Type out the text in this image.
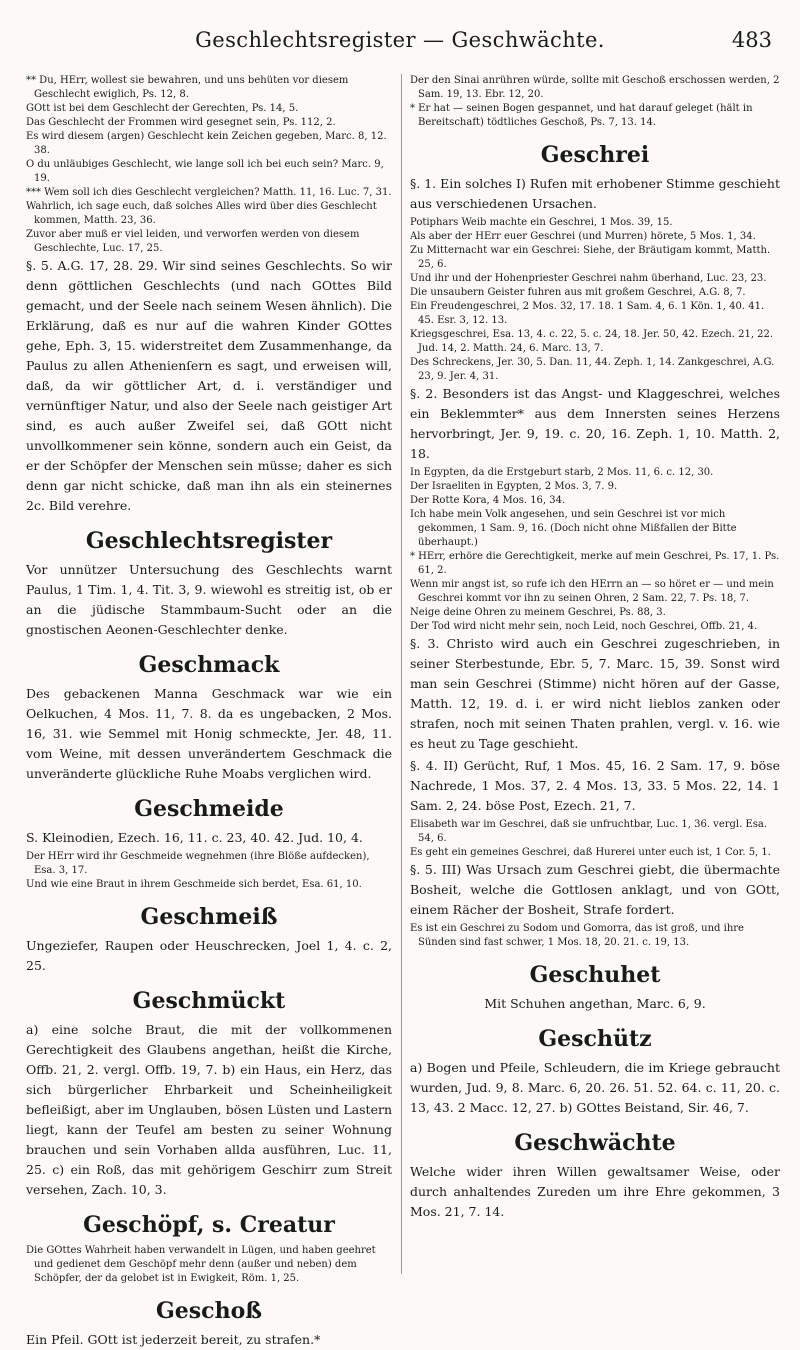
Geschlechtsregister — Geschwächte.	483

** Du, HErr, wollest sie bewahren, und uns behüten vor diesem Geschlecht ewiglich, Ps. 12, 8.

GOtt ist bei dem Geschlecht der Gerechten, Ps. 14, 5.

Das Geschlecht der Frommen wird gesegnet sein, Ps. 112, 2.

Es wird diesem (argen) Geschlecht kein Zeichen gegeben, Marc. 8, 12. 38.

O du unläubiges Geschlecht, wie lange soll ich bei euch sein? Marc. 9, 19.

*** Wem soll ich dies Geschlecht vergleichen? Matth. 11, 16. Luc. 7, 31.

Wahrlich, ich sage euch, daß solches Alles wird über dies Geschlecht kommen, Matth. 23, 36.

Zuvor aber muß er viel leiden, und verworfen werden von diesem Geschlechte, Luc. 17, 25.

§. 5. A.G. 17, 28. 29. Wir sind seines Geschlechts. So wir denn göttlichen Geschlechts (und nach GOttes Bild gemacht, und der Seele nach seinem Wesen ähnlich). Die Erklärung, daß es nur auf die wahren Kinder GOttes gehe, Eph. 3, 15. widerstreitet dem Zusammenhange, da Paulus zu allen Athenienſern es sagt, und erweisen will, daß, da wir göttlicher Art, d. i. verständiger und vernünftiger Natur, und also der Seele nach geistiger Art sind, es auch außer Zweifel sei, daß GOtt nicht unvollkommener sein könne, sondern auch ein Geist, da er der Schöpfer der Menschen sein müsse; daher es sich denn gar nicht schicke, daß man ihn als ein steinernes 2c. Bild verehre.

Geschlechtsregister

Vor unnützer Untersuchung des Geschlechts warnt Paulus, 1 Tim. 1, 4. Tit. 3, 9. wiewohl es streitig ist, ob er an die jüdische Stammbaum-Sucht oder an die gnostischen Aeonen-Geschlechter denke.

Geschmack

Des gebackenen Manna Geschmack war wie ein Oelkuchen, 4 Mos. 11, 7. 8. da es ungebacken, 2 Mos. 16, 31. wie Semmel mit Honig schmeckte, Jer. 48, 11. vom Weine, mit dessen unverändertem Geschmack die unveränderte glückliche Ruhe Moabs verglichen wird.

Geschmeide

S. Kleinodien, Ezech. 16, 11. c. 23, 40. 42. Jud. 10, 4.

Der HErr wird ihr Geschmeide wegnehmen (ihre Blöße aufdecken), Esa. 3, 17.

Und wie eine Braut in ihrem Geschmeide sich berdet, Esa. 61, 10.

Geschmeiß

Ungeziefer, Raupen oder Heuschrecken, Joel 1, 4. c. 2, 25.

Geschmückt

a) eine solche Braut, die mit der vollkommenen Gerechtigkeit des Glaubens angethan, heißt die Kirche, Offb. 21, 2. vergl. Offb. 19, 7. b) ein Haus, ein Herz, das sich bürgerlicher Ehrbarkeit und Scheinheiligkeit befleißigt, aber im Unglauben, bösen Lüsten und Lastern liegt, kann der Teufel am besten zu seiner Wohnung brauchen und sein Vorhaben allda ausführen, Luc. 11, 25. c) ein Roß, das mit gehörigem Geschirr zum Streit versehen, Zach. 10, 3.

Geschöpf, s. Creatur

Die GOttes Wahrheit haben verwandelt in Lügen, und haben geehret und gedienet dem Geschöpf mehr denn (außer und neben) dem Schöpfer, der da gelobet ist in Ewigkeit, Röm. 1, 25.

Geschoß

Ein Pfeil. GOtt ist jederzeit bereit, zu strafen.*

Der den Sinai anrühren würde, sollte mit Geschoß erschossen werden, 2 Sam. 19, 13. Ebr. 12, 20.

* Er hat — seinen Bogen gespannet, und hat darauf geleget (hält in Bereitschaft) tödtliches Geschoß, Ps. 7, 13. 14.

Geschrei

§. 1. Ein solches I) Rufen mit erhobener Stimme geschieht aus verschiedenen Ursachen.

Potiphars Weib machte ein Geschrei, 1 Mos. 39, 15.

Als aber der HErr euer Geschrei (und Murren) hörete, 5 Mos. 1, 34.

Zu Mitternacht war ein Geschrei: Siehe, der Bräutigam kommt, Matth. 25, 6.

Und ihr und der Hohenpriester Geschrei nahm überhand, Luc. 23, 23.

Die unsaubern Geister fuhren aus mit großem Geschrei, A.G. 8, 7.

Ein Freudengeschrei, 2 Mos. 32, 17. 18. 1 Sam. 4, 6. 1 Kön. 1, 40. 41. 45. Esr. 3, 12. 13.

Kriegsgeschrei, Esa. 13, 4. c. 22, 5. c. 24, 18. Jer. 50, 42. Ezech. 21, 22. Jud. 14, 2. Matth. 24, 6. Marc. 13, 7.

Des Schreckens, Jer. 30, 5. Dan. 11, 44. Zeph. 1, 14. Zankgeschrei, A.G. 23, 9. Jer. 4, 31.

§. 2. Besonders ist das Angst- und Klaggeschrei, welches ein Beklemmter* aus dem Innersten seines Herzens hervorbringt, Jer. 9, 19. c. 20, 16. Zeph. 1, 10. Matth. 2, 18.

In Egypten, da die Erstgeburt starb, 2 Mos. 11, 6. c. 12, 30.

Der Israeliten in Egypten, 2 Mos. 3, 7. 9.

Der Rotte Kora, 4 Mos. 16, 34.

Ich habe mein Volk angesehen, und sein Geschrei ist vor mich gekommen, 1 Sam. 9, 16. (Doch nicht ohne Mißfallen der Bitte überhaupt.)

* HErr, erhöre die Gerechtigkeit, merke auf mein Geschrei, Ps. 17, 1. Ps. 61, 2.

Wenn mir angst ist, so rufe ich den HErrn an — so höret er — und mein Geschrei kommt vor ihn zu seinen Ohren, 2 Sam. 22, 7. Ps. 18, 7.

Neige deine Ohren zu meinem Geschrei, Ps. 88, 3.

Der Tod wird nicht mehr sein, noch Leid, noch Geschrei, Offb. 21, 4.

§. 3. Christo wird auch ein Geschrei zugeschrieben, in seiner Sterbestunde, Ebr. 5, 7. Marc. 15, 39. Sonst wird man sein Geschrei (Stimme) nicht hören auf der Gasse, Matth. 12, 19. d. i. er wird nicht lieblos zanken oder strafen, noch mit seinen Thaten prahlen, vergl. v. 16. wie es heut zu Tage geschieht.

§. 4. II) Gerücht, Ruf, 1 Mos. 45, 16. 2 Sam. 17, 9. böse Nachrede, 1 Mos. 37, 2. 4 Mos. 13, 33. 5 Mos. 22, 14. 1 Sam. 2, 24. böse Post, Ezech. 21, 7.

Elisabeth war im Geschrei, daß sie unfruchtbar, Luc. 1, 36. vergl. Esa. 54, 6.

Es geht ein gemeines Geschrei, daß Hurerei unter euch ist, 1 Cor. 5, 1.

§. 5. III) Was Ursach zum Geschrei giebt, die übermachte Bosheit, welche die Gottlosen anklagt, und von GOtt, einem Rächer der Bosheit, Strafe fordert.

Es ist ein Geschrei zu Sodom und Gomorra, das ist groß, und ihre Sünden sind fast schwer, 1 Mos. 18, 20. 21. c. 19, 13.

Geschuhet

Mit Schuhen angethan, Marc. 6, 9.

Geschütz

a) Bogen und Pfeile, Schleudern, die im Kriege gebraucht wurden, Jud. 9, 8. Marc. 6, 20. 26. 51. 52. 64. c. 11, 20. c. 13, 43. 2 Macc. 12, 27. b) GOttes Beistand, Sir. 46, 7.

Geschwächte

Welche wider ihren Willen gewaltsamer Weise, oder durch anhaltendes Zureden um ihre Ehre gekommen, 3 Mos. 21, 7. 14.
